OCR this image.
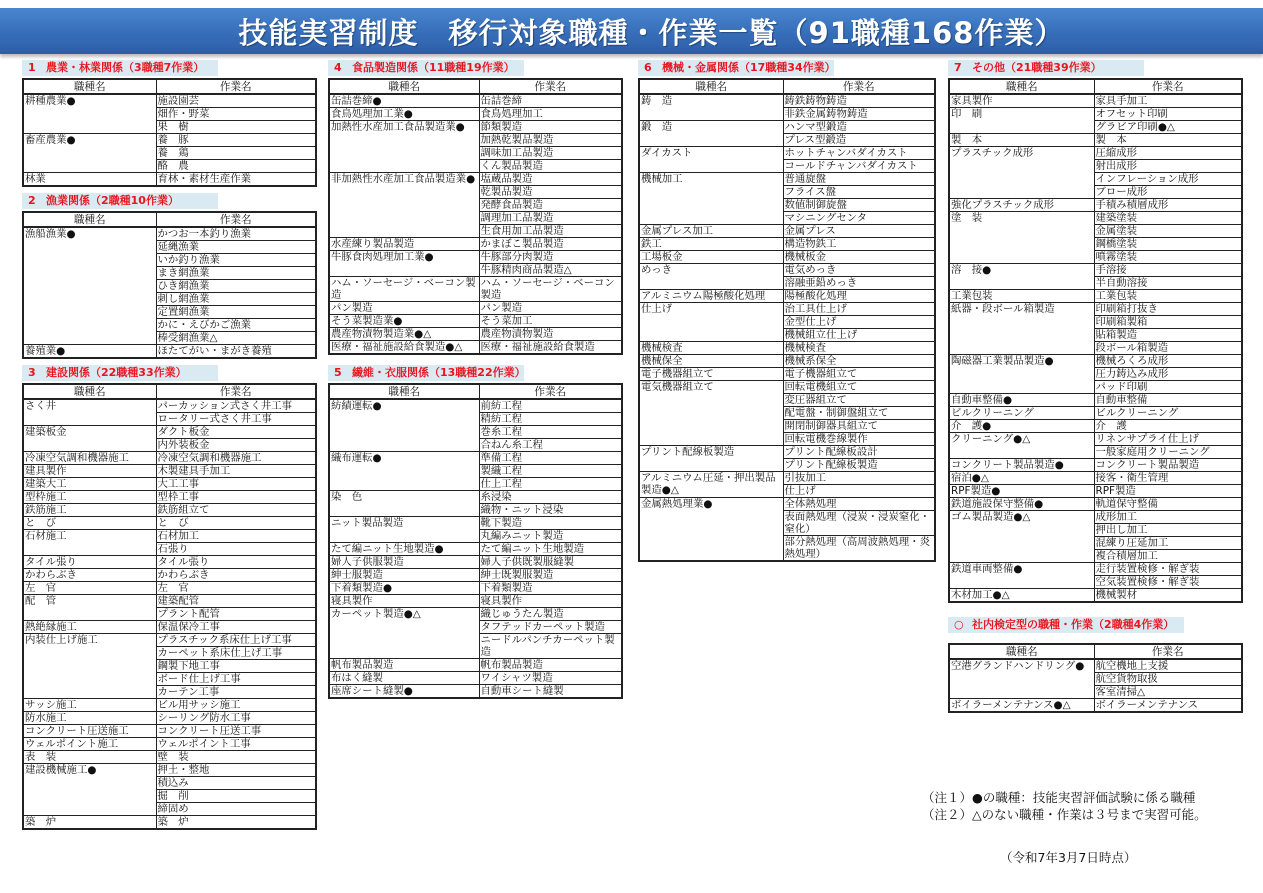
技能実習制度　移行対象職種・作業一覧（91職種168作業）
1 農業・林業関係（3職種7作業）
職種名	作業名
耕種農業●	施設園芸
	畑作・野菜
	果　樹
畜産農業●	養　豚
	養　鶏
	酪　農
林業	育林・素材生産作業
2 漁業関係（2職種10作業）
職種名	作業名
漁船漁業●	かつお一本釣り漁業
	延縄漁業
	いか釣り漁業
	まき網漁業
	ひき網漁業
	刺し網漁業
	定置網漁業
	かに・えびかご漁業
	棒受網漁業△
養殖業●	ほたてがい・まがき養殖
3 建設関係（22職種33作業）
職種名	作業名
さく井	パーカッション式さく井工事
	ロータリー式さく井工事
建築板金	ダクト板金
	内外装板金
冷凍空気調和機器施工	冷凍空気調和機器施工
建具製作	木製建具手加工
建築大工	大工工事
型枠施工	型枠工事
鉄筋施工	鉄筋組立て
と　び	と　び
石材施工	石材加工
	石張り
タイル張り	タイル張り
かわらぶき	かわらぶき
左　官	左　官
配　管	建築配管
	プラント配管
熱絶縁施工	保温保冷工事
内装仕上げ施工	プラスチック系床仕上げ工事
	カーペット系床仕上げ工事
	鋼製下地工事
	ボード仕上げ工事
	カーテン工事
サッシ施工	ビル用サッシ施工
防水施工	シーリング防水工事
コンクリート圧送施工	コンクリート圧送工事
ウェルポイント施工	ウェルポイント工事
表　装	壁　装
建設機械施工●	押土・整地
	積込み
	掘　削
	締固め
築　炉	築　炉
4 食品製造関係（11職種19作業）
職種名	作業名
缶詰巻締●	缶詰巻締
食鳥処理加工業●	食鳥処理加工
加熱性水産加工食品製造業●	節類製造
	加熱乾製品製造
	調味加工品製造
	くん製品製造
非加熱性水産加工食品製造業●	塩蔵品製造
	乾製品製造
	発酵食品製造
	調理加工品製造
	生食用加工品製造
水産練り製品製造	かまぼこ製品製造
牛豚食肉処理加工業●	牛豚部分肉製造
	牛豚精肉商品製造△
ハム・ソーセージ・ベーコン製造	ハム・ソーセージ・ベーコン製造
パン製造	パン製造
そう菜製造業●	そう菜加工
農産物漬物製造業●△	農産物漬物製造
医療・福祉施設給食製造●△	医療・福祉施設給食製造
5 繊維・衣服関係（13職種22作業）
職種名	作業名
紡績運転●	前紡工程
	精紡工程
	巻糸工程
	合ねん糸工程
織布運転●	準備工程
	製織工程
	仕上工程
染　色	糸浸染
	織物・ニット浸染
ニット製品製造	靴下製造
	丸編みニット製造
たて編ニット生地製造●	たて編ニット生地製造
婦人子供服製造	婦人子供既製服縫製
紳士服製造	紳士既製服製造
下着類製造●	下着類製造
寝具製作	寝具製作
カーペット製造●△	織じゅうたん製造
	タフテッドカーペット製造
	ニードルパンチカーペット製造
帆布製品製造	帆布製品製造
布はく縫製	ワイシャツ製造
座席シート縫製●	自動車シート縫製
6 機械・金属関係（17職種34作業）
職種名	作業名
鋳　造	鋳鉄鋳物鋳造
	非鉄金属鋳物鋳造
鍛　造	ハンマ型鍛造
	プレス型鍛造
ダイカスト	ホットチャンバダイカスト
	コールドチャンバダイカスト
機械加工	普通旋盤
	フライス盤
	数値制御旋盤
	マシニングセンタ
金属プレス加工	金属プレス
鉄工	構造物鉄工
工場板金	機械板金
めっき	電気めっき
	溶融亜鉛めっき
アルミニウム陽極酸化処理	陽極酸化処理
仕上げ	治工具仕上げ
	金型仕上げ
	機械組立仕上げ
機械検査	機械検査
機械保全	機械系保全
電子機器組立て	電子機器組立て
電気機器組立て	回転電機組立て
	変圧器組立て
	配電盤・制御盤組立て
	開閉制御器具組立て
	回転電機巻線製作
プリント配線板製造	プリント配線板設計
	プリント配線板製造
アルミニウム圧延・押出製品製造●△	引抜加工
	仕上げ
金属熱処理業●	全体熱処理
	表面熱処理（浸炭・浸炭窒化・窒化）
	部分熱処理（高周波熱処理・炎熱処理）
7 その他（21職種39作業）
職種名	作業名
家具製作	家具手加工
印　刷	オフセット印刷
	グラビア印刷●△
製　本	製　本
プラスチック成形	圧縮成形
	射出成形
	インフレーション成形
	ブロー成形
強化プラスチック成形	手積み積層成形
塗　装	建築塗装
	金属塗装
	鋼橋塗装
	噴霧塗装
溶　接●	手溶接
	半自動溶接
工業包装	工業包装
紙器・段ボール箱製造	印刷箱打抜き
	印刷箱製箱
	貼箱製造
	段ボール箱製造
陶磁器工業製品製造●	機械ろくろ成形
	圧力鋳込み成形
	パッド印刷
自動車整備●	自動車整備
ビルクリーニング	ビルクリーニング
介　護●	介　護
クリーニング●△	リネンサプライ仕上げ
	一般家庭用クリーニング
コンクリート製品製造●	コンクリート製品製造
宿泊●△	接客・衛生管理
RPF製造●	RPF製造
鉄道施設保守整備●	軌道保守整備
ゴム製品製造●△	成形加工
	押出し加工
	混練り圧延加工
	複合積層加工
鉄道車両整備●	走行装置検修・解ぎ装
	空気装置検修・解ぎ装
木材加工●△	機械製材
○ 社内検定型の職種・作業（2職種4作業）
職種名	作業名
空港グランドハンドリング●	航空機地上支援
	航空貨物取扱
	客室清掃△
ボイラーメンテナンス●△	ボイラーメンテナンス
（注１）●の職種：技能実習評価試験に係る職種
（注２）△のない職種・作業は３号まで実習可能。
（令和7年3月7日時点）
